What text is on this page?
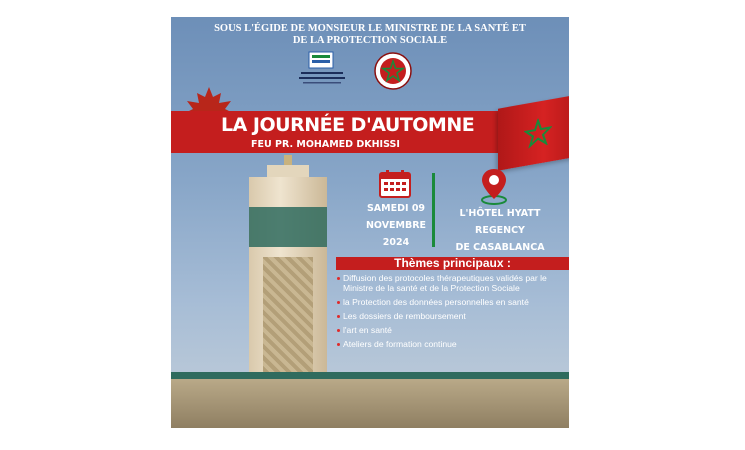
SOUS L'ÉGIDE DE MONSIEUR LE MINISTRE DE LA SANTÉ ET DE LA PROTECTION SOCIALE
LA JOURNÉE D'AUTOMNE
FEU PR. MOHAMED DKHISSI
SAMEDI 09
NOVEMBRE
2024
L'HÔTEL HYATT REGENCY
DE CASABLANCA
Thèmes principaux :
Diffusion des protocoles thérapeutiques validés par le Ministre de la santé et de la Protection Sociale
la Protection des données personnelles en santé
Les dossiers de remboursement
l'art en santé
Ateliers de formation continue
